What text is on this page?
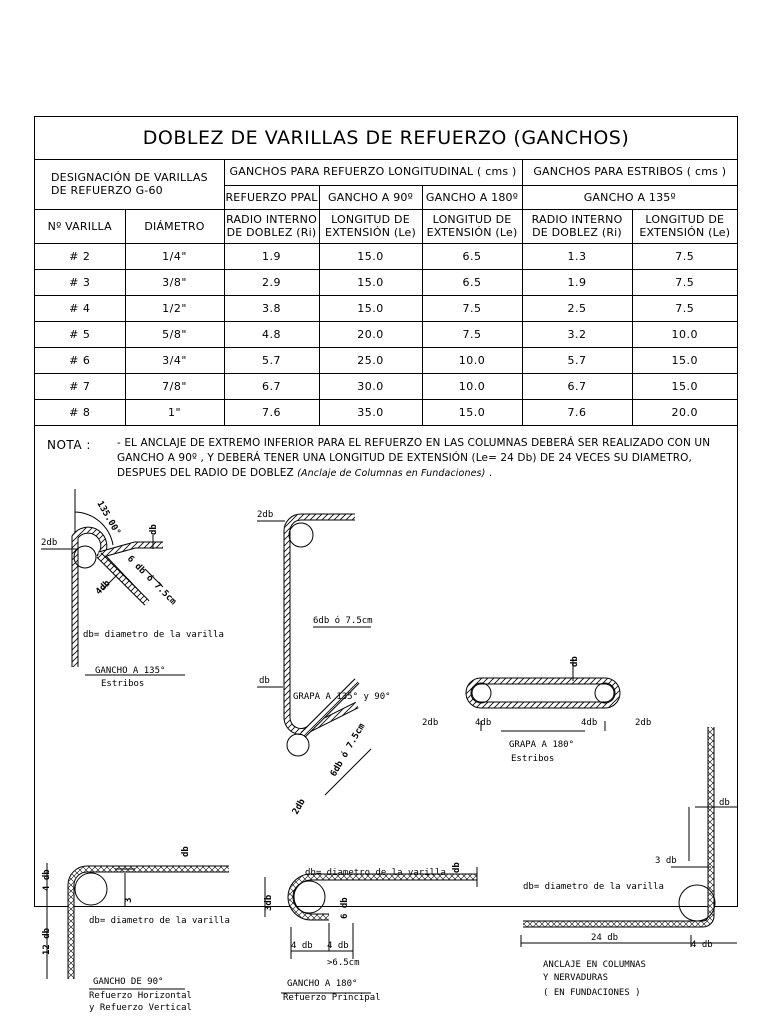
DOBLEZ DE VARILLAS DE REFUERZO (GANCHOS)
DESIGNACIÓN DE VARILLAS DE REFUERZO G-60		GANCHOS PARA REFUERZO LONGITUDINAL ( cms )			GANCHOS PARA ESTRIBOS ( cms )	
		REFUERZO PPAL	GANCHO A 90º	GANCHO A 180º	GANCHO A 135º	
Nº VARILLA	DIÁMETRO	RADIO INTERNO DE DOBLEZ (Ri)	LONGITUD DE EXTENSIÓN (Le)	LONGITUD DE EXTENSIÓN (Le)	RADIO INTERNO DE DOBLEZ (Ri)	LONGITUD DE EXTENSIÓN (Le)
# 2	1/4"	1.9	15.0	6.5	1.3	7.5
# 3	3/8"	2.9	15.0	6.5	1.9	7.5
# 4	1/2"	3.8	15.0	7.5	2.5	7.5
# 5	5/8"	4.8	20.0	7.5	3.2	10.0
# 6	3/4"	5.7	25.0	10.0	5.7	15.0
# 7	7/8"	6.7	30.0	10.0	6.7	15.0
# 8	1"	7.6	35.0	15.0	7.6	20.0
NOTA : - EL ANCLAJE DE EXTREMO INFERIOR PARA EL REFUERZO EN LAS COLUMNAS DEBERÁ SER REALIZADO CON UN GANCHO A 90º , Y DEBERÁ TENER UNA LONGITUD DE EXTENSIÓN (Le= 24 Db) DE 24 VECES SU DIAMETRO, DESPUES DEL RADIO DE DOBLEZ (Anclaje de Columnas en Fundaciones) .
135.00°
2db
db
6 db ó 7.5cm
4db
db= diametro de la varilla
GANCHO A 135°
Estribos
2db
6db ó 7.5cm
db
GRAPA A 135° y 90°
6db ó 7.5cm
2db
db
2db	4db	4db	2db
GRAPA A 180°
Estribos
4 db
db
3
12 db
db= diametro de la varilla
GANCHO DE 90°
Refuerzo Horizontal
y Refuerzo Vertical
db= diametro de la varilla db
3db	6 db
4 db 4 db
>6.5cm
GANCHO A 180°
Refuerzo Principal
db
3 db
db= diametro de la varilla
24 db
4 db
ANCLAJE EN COLUMNAS
Y NERVADURAS
( EN FUNDACIONES )
